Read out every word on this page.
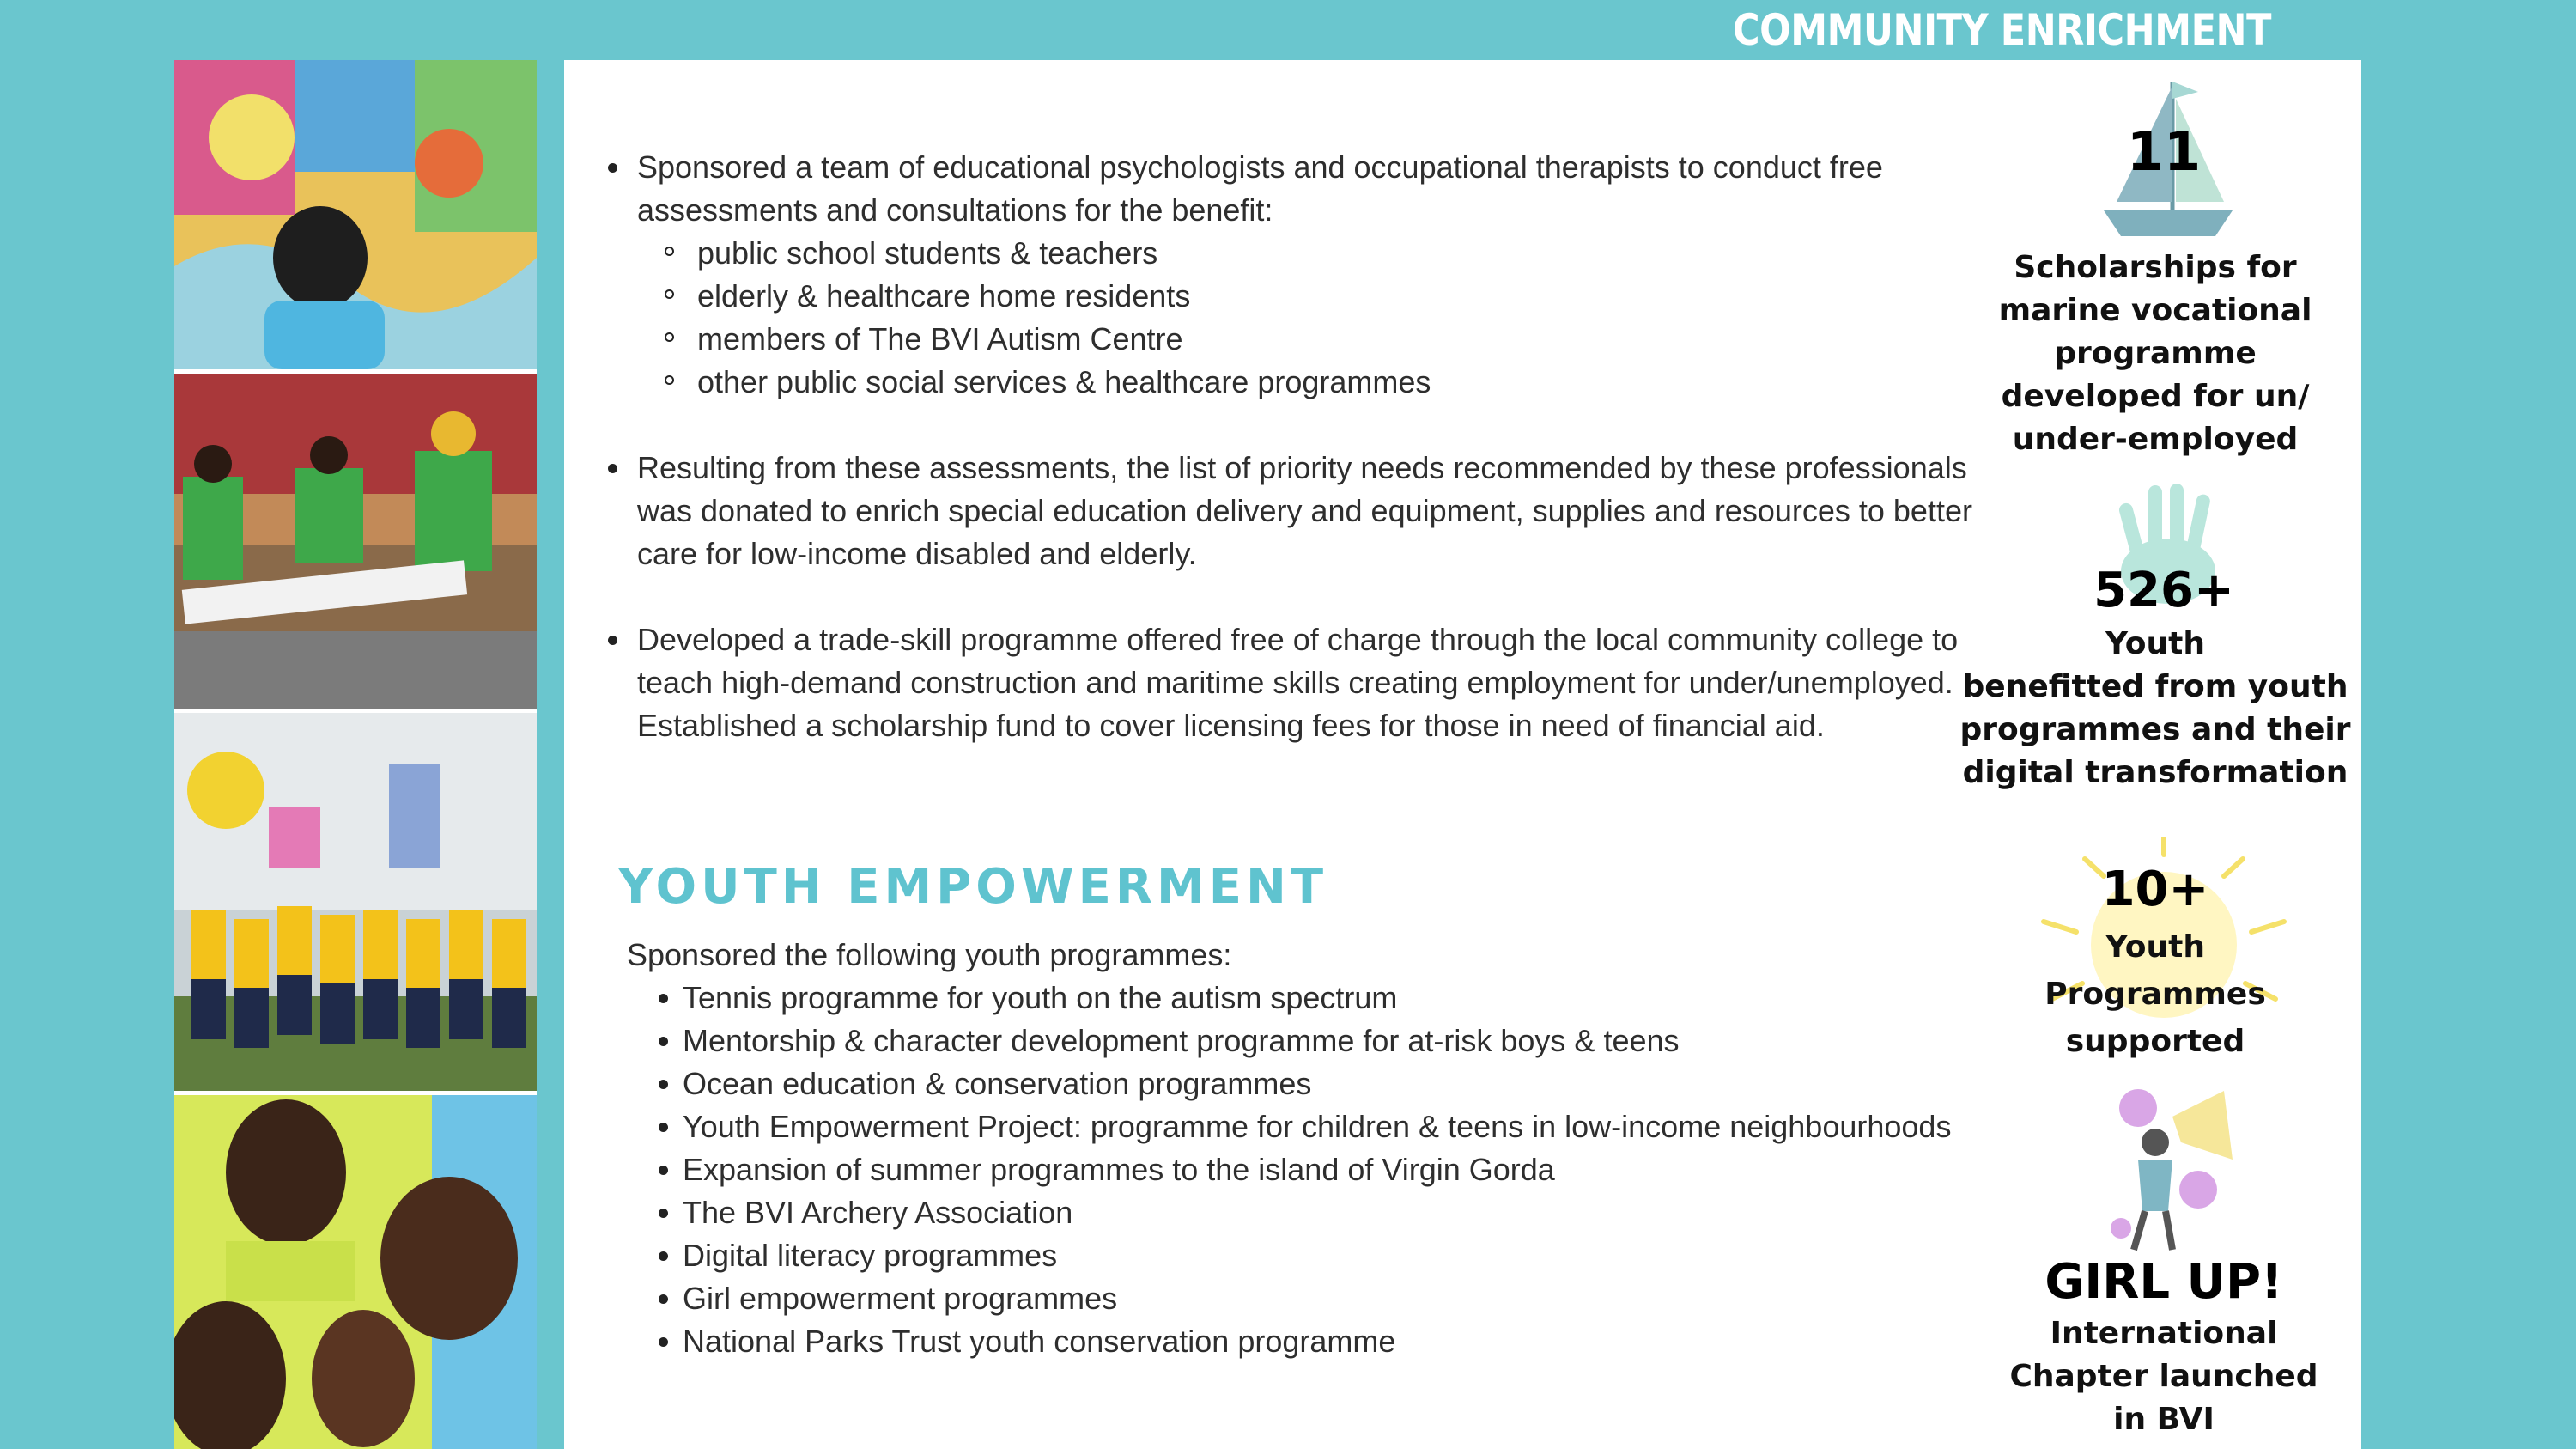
COMMUNITY ENRICHMENT
Sponsored a team of educational psychologists and occupational therapists to conduct free assessments and consultations for the benefit:
public school students & teachers
elderly & healthcare home residents
members of The BVI Autism Centre
other public social services & healthcare programmes
Resulting from these assessments, the list of priority needs recommended by these professionals was donated to enrich special education delivery and equipment, supplies and resources to better care for low-income disabled and elderly.
Developed a trade-skill programme offered free of charge through the local community college to teach high-demand construction and maritime skills creating employment for under/unemployed. Established a scholarship fund to cover licensing fees for those in need of financial aid.
YOUTH EMPOWERMENT
Sponsored the following youth programmes:
Tennis programme for youth on the autism spectrum
Mentorship & character development programme for at-risk boys & teens
Ocean education & conservation programmes
Youth Empowerment Project: programme for children & teens in low-income neighbourhoods
Expansion of summer programmes to the island of Virgin Gorda
The BVI Archery Association
Digital literacy programmes
Girl empowerment programmes
National Parks Trust youth conservation programme
11
Scholarships for
marine vocational
programme
developed for un/
under-employed
526+
Youth
benefitted from youth
programmes and their
digital transformation
10+
Youth
Programmes
supported
GIRL UP!
International
Chapter launched
in BVI
